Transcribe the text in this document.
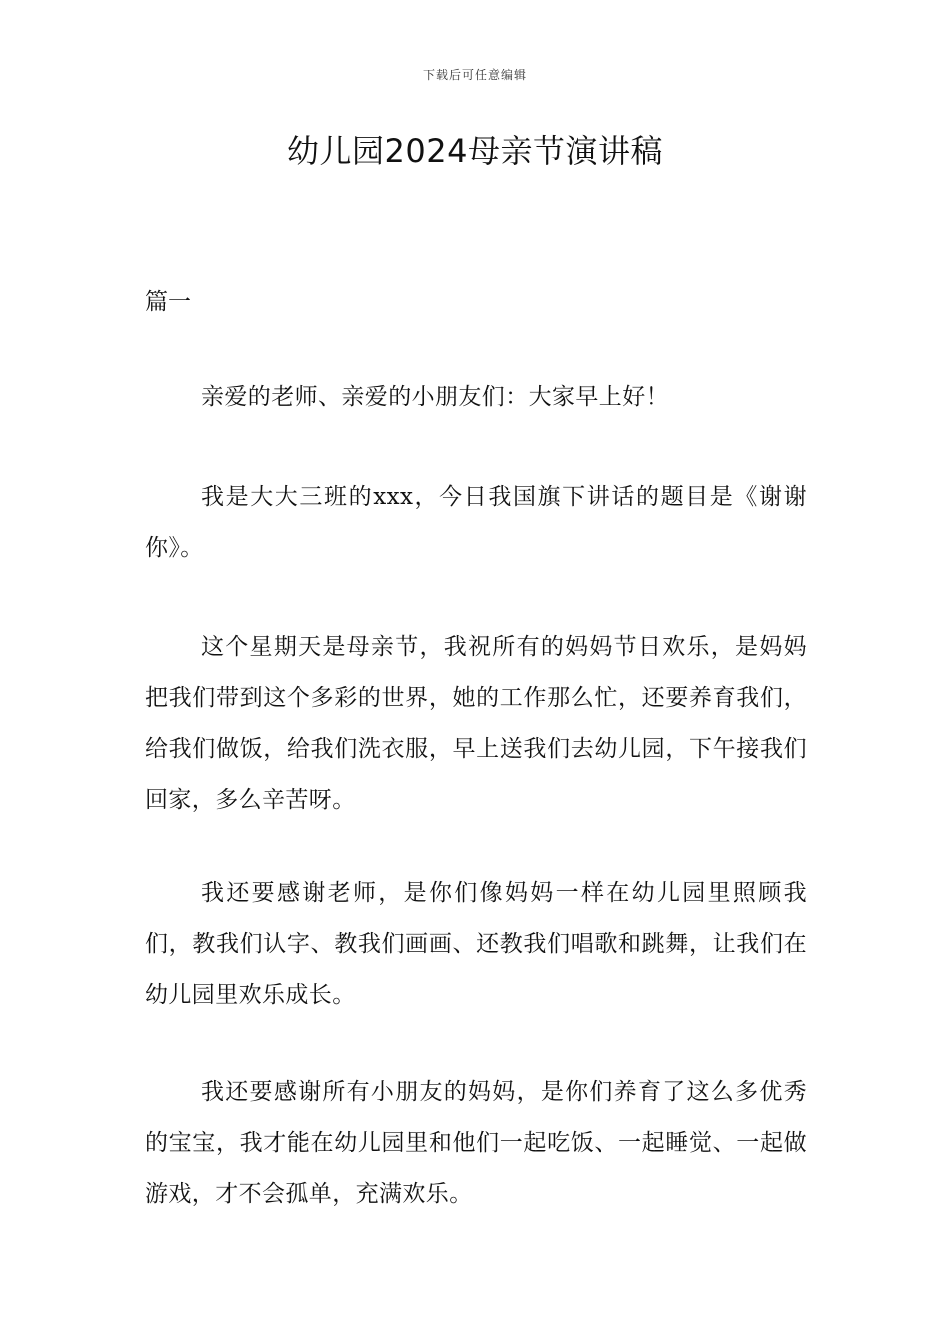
下载后可任意编辑
幼儿园2024母亲节演讲稿
篇一

亲爱的老师、亲爱的小朋友们：大家早上好！

我是大大三班的xxx，今日我国旗下讲话的题目是《谢谢你》。

这个星期天是母亲节，我祝所有的妈妈节日欢乐，是妈妈把我们带到这个多彩的世界，她的工作那么忙，还要养育我们，给我们做饭，给我们洗衣服，早上送我们去幼儿园，下午接我们回家，多么辛苦呀。

我还要感谢老师，是你们像妈妈一样在幼儿园里照顾我们，教我们认字、教我们画画、还教我们唱歌和跳舞，让我们在幼儿园里欢乐成长。

我还要感谢所有小朋友的妈妈，是你们养育了这么多优秀的宝宝，我才能在幼儿园里和他们一起吃饭、一起睡觉、一起做游戏，才不会孤单，充满欢乐。
